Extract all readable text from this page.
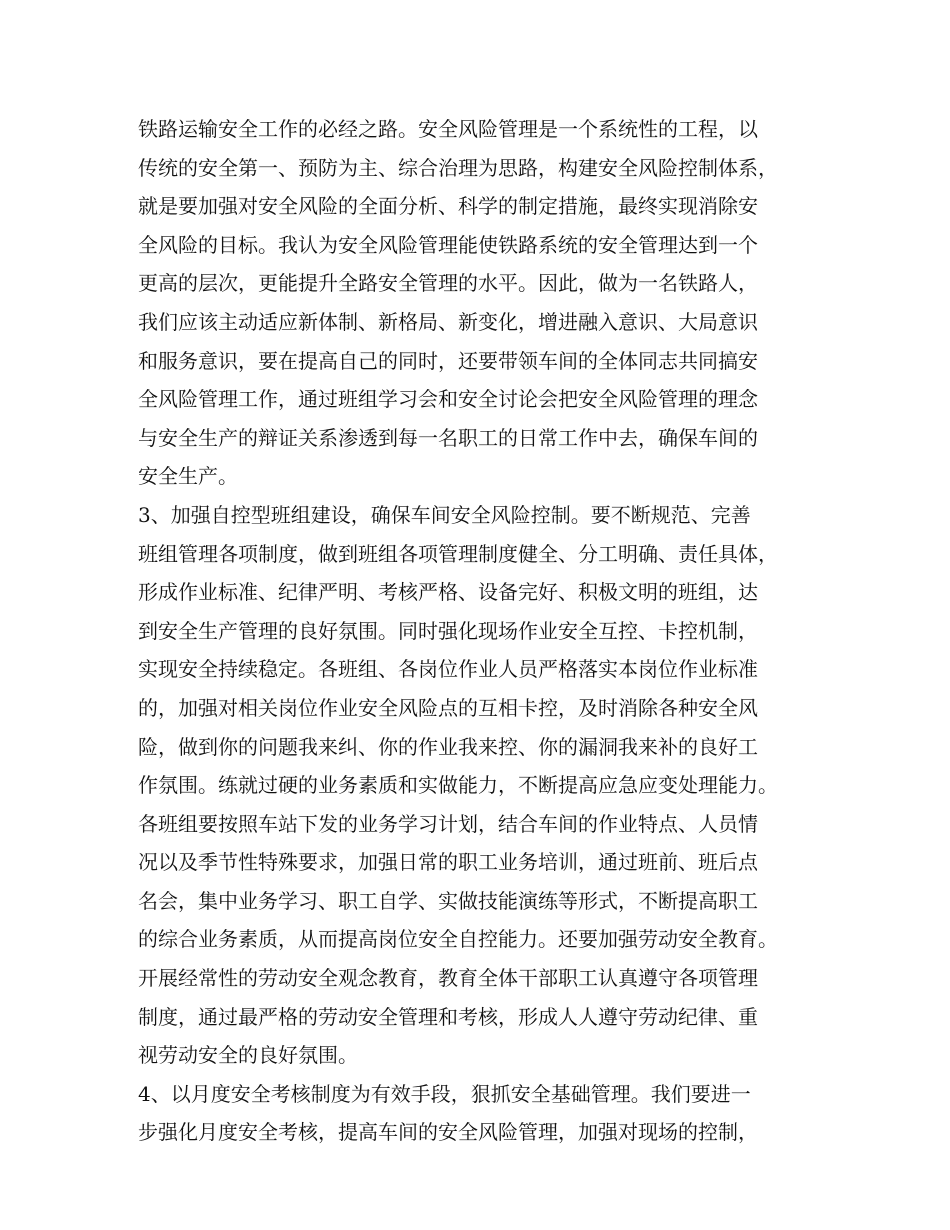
铁路运输安全工作的必经之路。安全风险管理是一个系统性的工程，以
传统的安全第一、预防为主、综合治理为思路，构建安全风险控制体系，
就是要加强对安全风险的全面分析、科学的制定措施，最终实现消除安
全风险的目标。我认为安全风险管理能使铁路系统的安全管理达到一个
更高的层次，更能提升全路安全管理的水平。因此，做为一名铁路人，
我们应该主动适应新体制、新格局、新变化，增进融入意识、大局意识
和服务意识，要在提高自己的同时，还要带领车间的全体同志共同搞安
全风险管理工作，通过班组学习会和安全讨论会把安全风险管理的理念
与安全生产的辩证关系渗透到每一名职工的日常工作中去，确保车间的
安全生产。
3、加强自控型班组建设，确保车间安全风险控制。要不断规范、完善
班组管理各项制度，做到班组各项管理制度健全、分工明确、责任具体，
形成作业标准、纪律严明、考核严格、设备完好、积极文明的班组，达
到安全生产管理的良好氛围。同时强化现场作业安全互控、卡控机制，
实现安全持续稳定。各班组、各岗位作业人员严格落实本岗位作业标准
的，加强对相关岗位作业安全风险点的互相卡控，及时消除各种安全风
险，做到你的问题我来纠、你的作业我来控、你的漏洞我来补的良好工
作氛围。练就过硬的业务素质和实做能力，不断提高应急应变处理能力。
各班组要按照车站下发的业务学习计划，结合车间的作业特点、人员情
况以及季节性特殊要求，加强日常的职工业务培训，通过班前、班后点
名会，集中业务学习、职工自学、实做技能演练等形式，不断提高职工
的综合业务素质，从而提高岗位安全自控能力。还要加强劳动安全教育。
开展经常性的劳动安全观念教育，教育全体干部职工认真遵守各项管理
制度，通过最严格的劳动安全管理和考核，形成人人遵守劳动纪律、重
视劳动安全的良好氛围。
4、以月度安全考核制度为有效手段，狠抓安全基础管理。我们要进一
步强化月度安全考核，提高车间的安全风险管理，加强对现场的控制，
